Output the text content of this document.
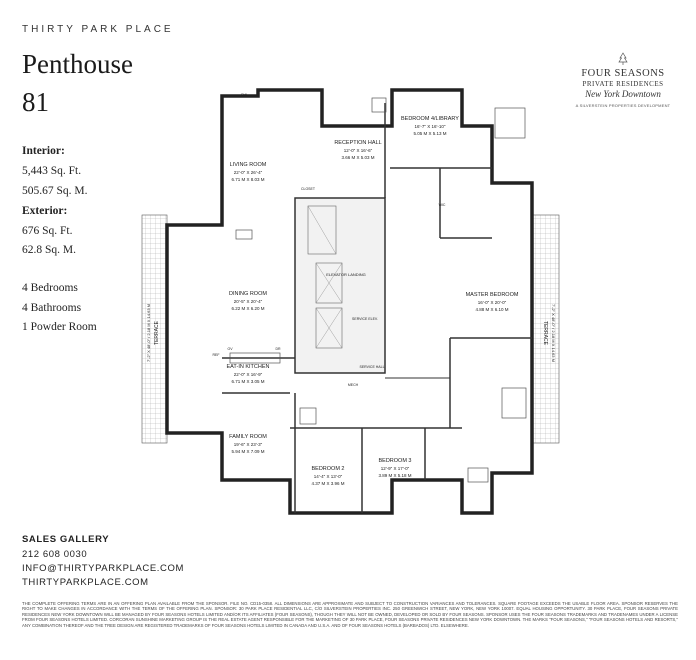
THIRTY PARK PLACE
Penthouse
81
Interior:
5,443 Sq. Ft.
505.67 Sq. M.
Exterior:
676 Sq. Ft.
62.8 Sq. M.
4 Bedrooms
4 Bathrooms
1 Powder Room
FOUR SEASONS
PRIVATE RESIDENCES
New York Downtown
A SILVERSTEIN PROPERTIES DEVELOPMENT
LIVING ROOM
22'-0" X 26'-4"
6.71 M X 8.03 M
DINING ROOM
20'-5" X 20'-4"
6.22 M X 6.20 M
EAT-IN KITCHEN
22'-0" X 16'-9"
6.71 M X 3.05 M
FAMILY ROOM
19'-6" X 23'-3"
5.94 M X 7.09 M
BEDROOM 2
14'-4" X 13'-0"
4.37 M X 3.96 M
BEDROOM 3
12'-9" X 17'-0"
3.89 M X 5.18 M
BEDROOM 4/LIBRARY
16'-7" X 16'-10"
5.05 M X 5.13 M
RECEPTION HALL
12'-0" X 16'-6"
3.66 M X 5.03 M
MASTER BEDROOM
16'-0" X 20'-0"
4.88 M X 6.10 M
TERRACE
7'-2" X 48'-0" / 2.18 M X 14.63 M	TERRACE 7'-2" X 48'-0" / 2.18 M X 14.63 M
ELEVATOR LANDING
SERVICE ELEV.
SERVICE HALL
CLOSET
WIC
MECH
DW
REF
DR
OV
SALES GALLERY
212 608 0030
INFO@THIRTYPARKPLACE.COM
THIRTYPARKPLACE.COM
THE COMPLETE OFFERING TERMS ARE IN AN OFFERING PLAN AVAILABLE FROM THE SPONSOR. FILE NO. CD15-0358. ALL DIMENSIONS ARE APPROXIMATE AND SUBJECT TO CONSTRUCTION VARIANCES AND TOLERANCES. SQUARE FOOTAGE EXCEEDS THE USABLE FLOOR AREA. SPONSOR RESERVES THE RIGHT TO MAKE CHANGES IN ACCORDANCE WITH THE TERMS OF THE OFFERING PLAN. SPONSOR: 30 PARK PLACE RESIDENTIAL LLC, C/O SILVERSTEIN PROPERTIES INC. 250 GREENWICH STREET, NEW YORK, NEW YORK 10007. EQUAL HOUSING OPPORTUNITY. 30 PARK PLACE, FOUR SEASONS PRIVATE RESIDENCES NEW YORK DOWNTOWN WILL BE MANAGED BY FOUR SEASONS HOTELS LIMITED AND/OR ITS AFFILIATES (FOUR SEASONS), THOUGH THEY WILL NOT BE OWNED, DEVELOPED OR SOLD BY FOUR SEASONS. SPONSOR USES THE FOUR SEASONS TRADEMARKS AND TRADENAMES UNDER A LICENSE FROM FOUR SEASONS HOTELS LIMITED. CORCORAN SUNSHINE MARKETING GROUP IS THE REAL ESTATE AGENT RESPONSIBLE FOR THE MARKETING OF 30 PARK PLACE, FOUR SEASONS PRIVATE RESIDENCES NEW YORK DOWNTOWN. THE MARKS "FOUR SEASONS," "FOUR SEASONS HOTELS AND RESORTS," ANY COMBINATION THEREOF AND THE TREE DESIGN ARE REGISTERED TRADEMARKS OF FOUR SEASONS HOTELS LIMITED IN CANADA AND U.S.A. AND OF FOUR SEASONS HOTELS (BARBADOS) LTD. ELSEWHERE.
